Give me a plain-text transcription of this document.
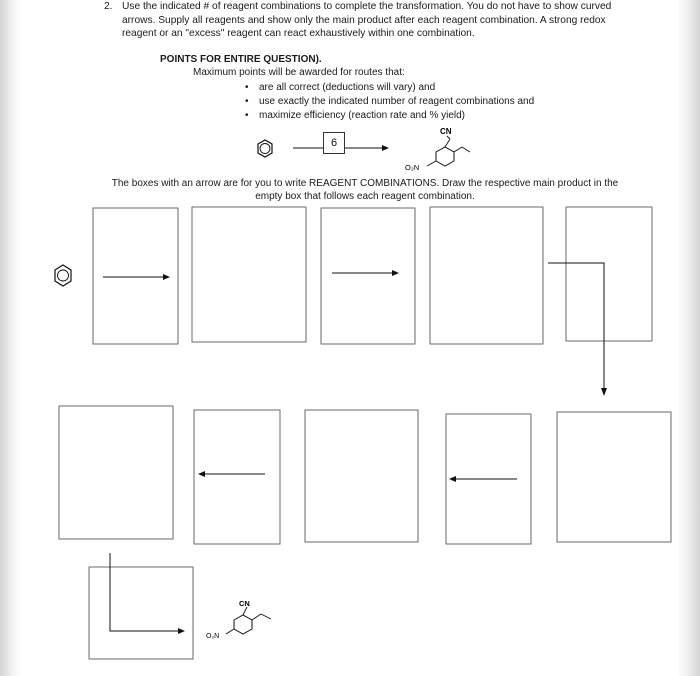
2. Use the indicated # of reagent combinations to complete the transformation. You do not have to show curved arrows. Supply all reagents and show only the main product after each reagent combination. A strong redox reagent or an "excess" reagent can react exhaustively within one combination.
POINTS FOR ENTIRE QUESTION).
Maximum points will be awarded for routes that:
• are all correct (deductions will vary) and
• use exactly the indicated number of reagent combinations and
• maximize efficiency (reaction rate and % yield)
CN
O₂N
CN
O₂N
6
The boxes with an arrow are for you to write REAGENT COMBINATIONS. Draw the respective main product in the empty box that follows each reagent combination.
